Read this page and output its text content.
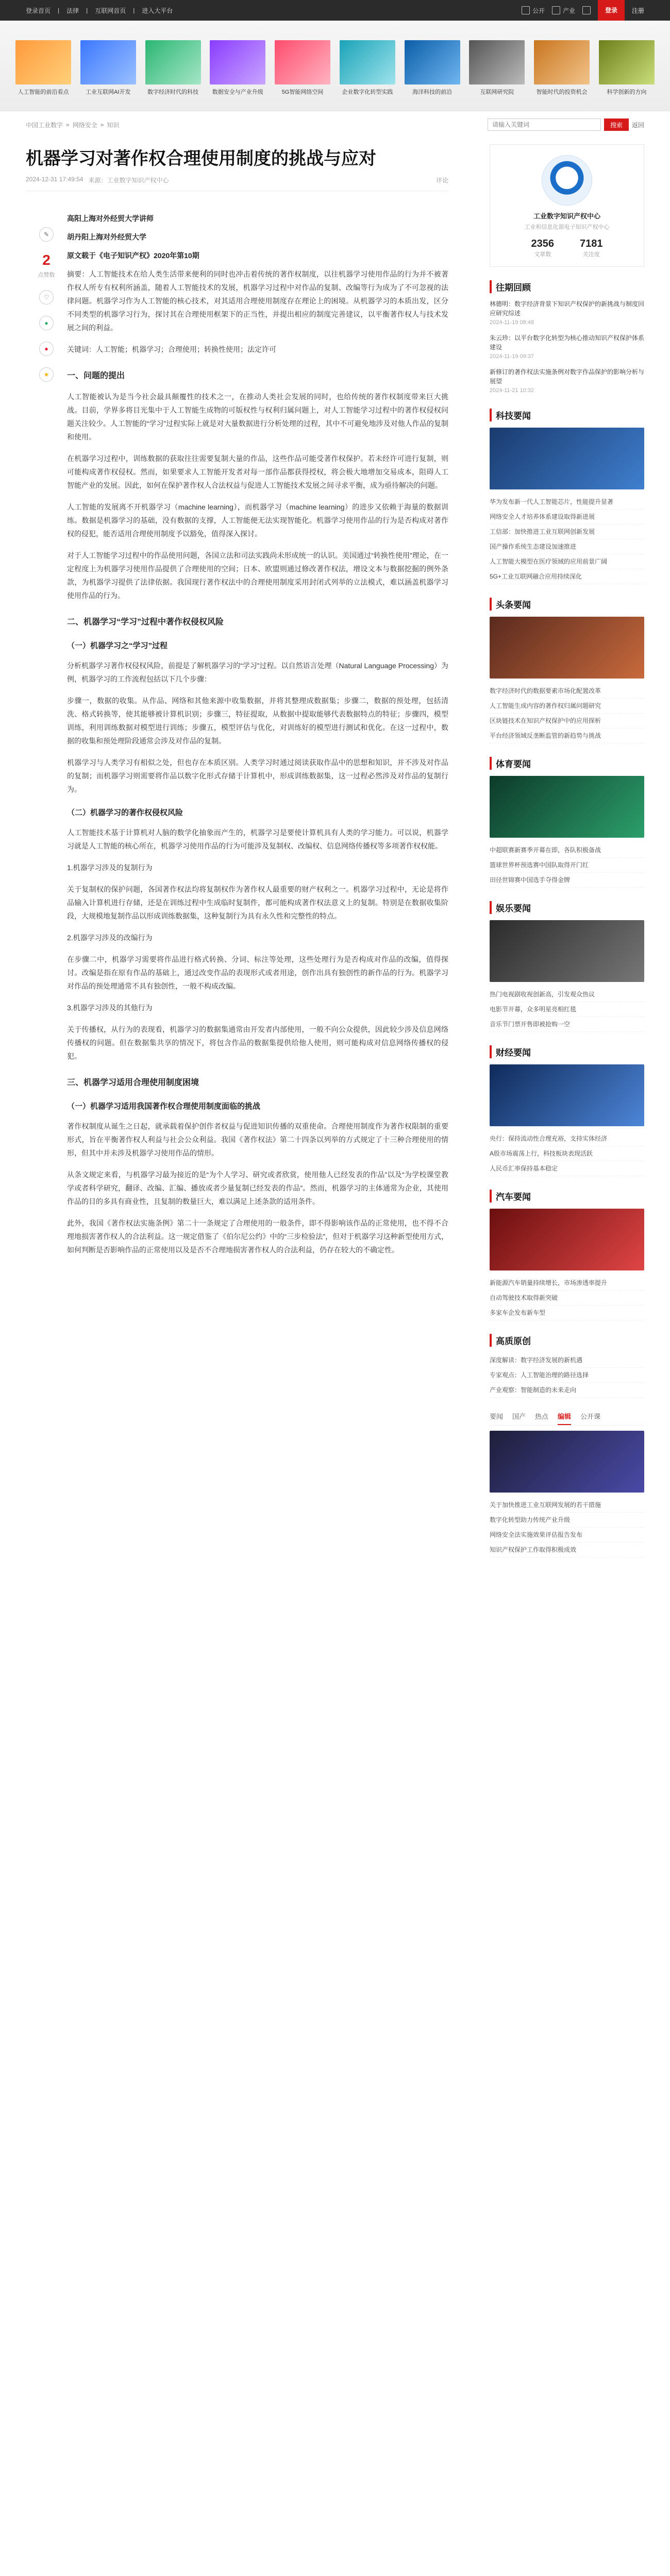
登录首页 | 法律 | 互联网首页 | 进入大平台	公开	产业	登录	注册
人工智能的前沿看点	工业互联网AI开发	数字经济时代的科技	数据安全与产业升级	5G智能网络空间	企业数字化转型实践	海洋科技的前沿	互联网研究院	智能时代的投资机会	科学创新的方向
中国工业数字 » 网络安全 » 知识
请输入关键词	搜索	返回
机器学习对著作权合理使用制度的挑战与应对
2024-12-31 17:49:54 来源：工业数字知识产权中心	评论
✎
2
点赞数
♡
●
●
★

高阳上海对外经贸大学讲师

胡丹阳上海对外经贸大学

原文载于《电子知识产权》2020年第10期

摘要：人工智能技术在给人类生活带来便利的同时也冲击着传统的著作权制度，以往机器学习使用作品的行为并不被著作权人所专有权利所涵盖，随着人工智能技术的发展，机器学习过程中对作品的复制、改编等行为成为了不可忽视的法律问题。机器学习作为人工智能的核心技术，对其适用合理使用制度存在理论上的困境。从机器学习的本质出发，区分不同类型的机器学习行为，探讨其在合理使用框架下的正当性，并提出相应的制度完善建议，以平衡著作权人与技术发展之间的利益。

关键词：人工智能；机器学习；合理使用；转换性使用；法定许可

一、问题的提出

人工智能被认为是当今社会最具颠覆性的技术之一，在推动人类社会发展的同时，也给传统的著作权制度带来巨大挑战。目前，学界多将目光集中于人工智能生成物的可版权性与权利归属问题上，对人工智能学习过程中的著作权侵权问题关注较少。人工智能的“学习”过程实际上就是对大量数据进行分析处理的过程，其中不可避免地涉及对他人作品的复制和使用。

在机器学习过程中，训练数据的获取往往需要复制大量的作品，这些作品可能受著作权保护。若未经许可进行复制，则可能构成著作权侵权。然而，如果要求人工智能开发者对每一部作品都获得授权，将会极大地增加交易成本，阻碍人工智能产业的发展。因此，如何在保护著作权人合法权益与促进人工智能技术发展之间寻求平衡，成为亟待解决的问题。

人工智能的发展离不开机器学习（machine learning），而机器学习（machine learning）的进步又依赖于海量的数据训练。数据是机器学习的基础，没有数据的支撑，人工智能便无法实现智能化。机器学习使用作品的行为是否构成对著作权的侵犯，能否适用合理使用制度予以豁免，值得深入探讨。

对于人工智能学习过程中的作品使用问题，各国立法和司法实践尚未形成统一的认识。美国通过“转换性使用”理论，在一定程度上为机器学习使用作品提供了合理使用的空间；日本、欧盟则通过修改著作权法，增设文本与数据挖掘的例外条款，为机器学习提供了法律依据。我国现行著作权法中的合理使用制度采用封闭式列举的立法模式，难以涵盖机器学习使用作品的行为。

二、机器学习“学习”过程中著作权侵权风险
（一）机器学习之“学习”过程

分析机器学习著作权侵权风险，前提是了解机器学习的“学习”过程。以自然语言处理（Natural Language Processing）为例，机器学习的工作流程包括以下几个步骤：

步骤一，数据的收集。从作品、网络和其他来源中收集数据，并将其整理成数据集；步骤二，数据的预处理，包括清洗、格式转换等，使其能够被计算机识别；步骤三，特征提取，从数据中提取能够代表数据特点的特征；步骤四，模型训练，利用训练数据对模型进行训练；步骤五，模型评估与优化，对训练好的模型进行测试和优化。在这一过程中，数据的收集和预处理阶段通常会涉及对作品的复制。

机器学习与人类学习有相似之处，但也存在本质区别。人类学习时通过阅读获取作品中的思想和知识，并不涉及对作品的复制；而机器学习则需要将作品以数字化形式存储于计算机中，形成训练数据集，这一过程必然涉及对作品的复制行为。

（二）机器学习的著作权侵权风险

人工智能技术基于计算机对人脑的数学化抽象而产生的，机器学习是要使计算机具有人类的学习能力。可以说，机器学习就是人工智能的核心所在，机器学习使用作品的行为可能涉及复制权、改编权、信息网络传播权等多项著作权权能。

1.机器学习涉及的复制行为

关于复制权的保护问题，各国著作权法均将复制权作为著作权人最重要的财产权利之一。机器学习过程中，无论是将作品输入计算机进行存储，还是在训练过程中生成临时复制件，都可能构成著作权法意义上的复制。特别是在数据收集阶段，大规模地复制作品以形成训练数据集，这种复制行为具有永久性和完整性的特点。

2.机器学习涉及的改编行为

在步骤二中，机器学习需要将作品进行格式转换、分词、标注等处理，这些处理行为是否构成对作品的改编，值得探讨。改编是指在原有作品的基础上，通过改变作品的表现形式或者用途，创作出具有独创性的新作品的行为。机器学习对作品的预处理通常不具有独创性，一般不构成改编。

3.机器学习涉及的其他行为

关于传播权，从行为的表现看，机器学习的数据集通常由开发者内部使用，一般不向公众提供，因此较少涉及信息网络传播权的问题。但在数据集共享的情况下，将包含作品的数据集提供给他人使用，则可能构成对信息网络传播权的侵犯。

三、机器学习适用合理使用制度困境
（一）机器学习适用我国著作权合理使用制度面临的挑战

著作权制度从诞生之日起，就承载着保护创作者权益与促进知识传播的双重使命。合理使用制度作为著作权限制的重要形式，旨在平衡著作权人利益与社会公众利益。我国《著作权法》第二十四条以列举的方式规定了十三种合理使用的情形，但其中并未涉及机器学习使用作品的情形。

从条文规定来看，与机器学习最为接近的是“为个人学习、研究或者欣赏，使用他人已经发表的作品”以及“为学校课堂教学或者科学研究，翻译、改编、汇编、播放或者少量复制已经发表的作品”。然而，机器学习的主体通常为企业，其使用作品的目的多具有商业性，且复制的数量巨大，难以满足上述条款的适用条件。

此外，我国《著作权法实施条例》第二十一条规定了合理使用的一般条件，即不得影响该作品的正常使用，也不得不合理地损害著作权人的合法利益。这一规定借鉴了《伯尔尼公约》中的“三步检验法”，但对于机器学习这种新型使用方式，如何判断是否影响作品的正常使用以及是否不合理地损害著作权人的合法利益，仍存在较大的不确定性。

工业数字知识产权中心
工业和信息化部电子知识产权中心
2356
文章数
7181
关注度
往期回顾
林德明：数字经济背景下知识产权保护的新挑战与制度回应研究综述
2024-11-19 08:48
朱云珍：以平台数字化转型为核心推动知识产权保护体系建设
2024-11-19 09:37
新修订的著作权法实施条例对数字作品保护的影响分析与展望
2024-11-21 10:32
科技要闻
华为发布新一代人工智能芯片，性能提升显著
网络安全人才培养体系建设取得新进展
工信部：加快推进工业互联网创新发展
国产操作系统生态建设加速推进
人工智能大模型在医疗领域的应用前景广阔
5G+工业互联网融合应用持续深化
头条要闻
数字经济时代的数据要素市场化配置改革
人工智能生成内容的著作权归属问题研究
区块链技术在知识产权保护中的应用探析
平台经济领域反垄断监管的新趋势与挑战
体育要闻
中超联赛新赛季开幕在即，各队积极备战
篮球世界杯预选赛中国队取得开门红
田径世锦赛中国选手夺得金牌
娱乐要闻
热门电视剧收视创新高，引发观众热议
电影节开幕，众多明星亮相红毯
音乐节门票开售即被抢购一空
财经要闻
央行：保持流动性合理充裕，支持实体经济
A股市场震荡上行，科技板块表现活跃
人民币汇率保持基本稳定
汽车要闻
新能源汽车销量持续增长，市场渗透率提升
自动驾驶技术取得新突破
多家车企发布新车型
高质原创
深度解读：数字经济发展的新机遇
专家观点：人工智能治理的路径选择
产业观察：智能制造的未来走向
要闻 国产 热点 编辑 公开课
关于加快推进工业互联网发展的若干措施
数字化转型助力传统产业升级
网络安全法实施效果评估报告发布
知识产权保护工作取得积极成效
